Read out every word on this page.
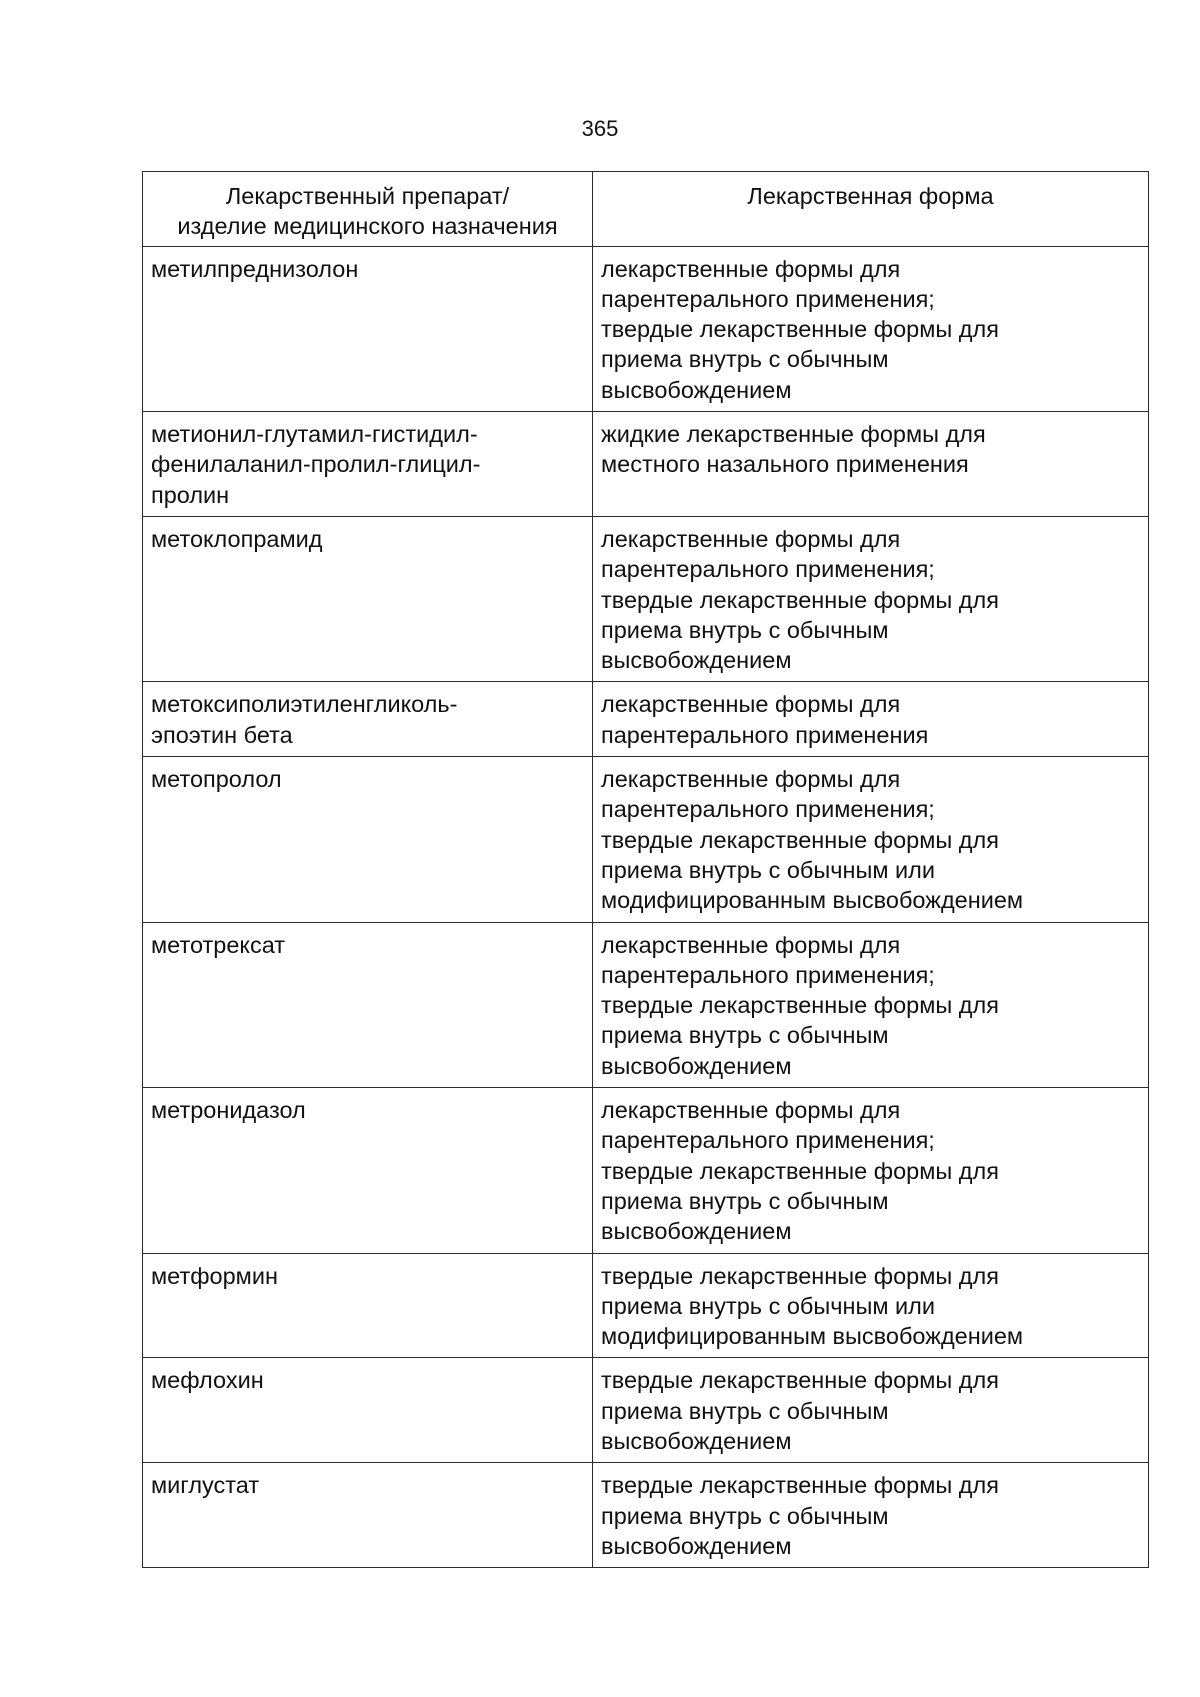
365
Лекарственный препарат/
изделие медицинского назначения	Лекарственная форма

метилпреднизолон	лекарственные формы для
парентерального применения;
твердые лекарственные формы для
приема внутрь с обычным
высвобождением

метионил-глутамил-гистидил-
фенилаланил-пролил-глицил-
пролин	жидкие лекарственные формы для
местного назального применения

метоклопрамид	лекарственные формы для
парентерального применения;
твердые лекарственные формы для
приема внутрь с обычным
высвобождением

метоксиполиэтиленгликоль-
эпоэтин бета	лекарственные формы для
парентерального применения

метопролол	лекарственные формы для
парентерального применения;
твердые лекарственные формы для
приема внутрь с обычным или
модифицированным высвобождением

метотрексат	лекарственные формы для
парентерального применения;
твердые лекарственные формы для
приема внутрь с обычным
высвобождением

метронидазол	лекарственные формы для
парентерального применения;
твердые лекарственные формы для
приема внутрь с обычным
высвобождением

метформин	твердые лекарственные формы для
приема внутрь с обычным или
модифицированным высвобождением

мефлохин	твердые лекарственные формы для
приема внутрь с обычным
высвобождением

миглустат	твердые лекарственные формы для
приема внутрь с обычным
высвобождением
